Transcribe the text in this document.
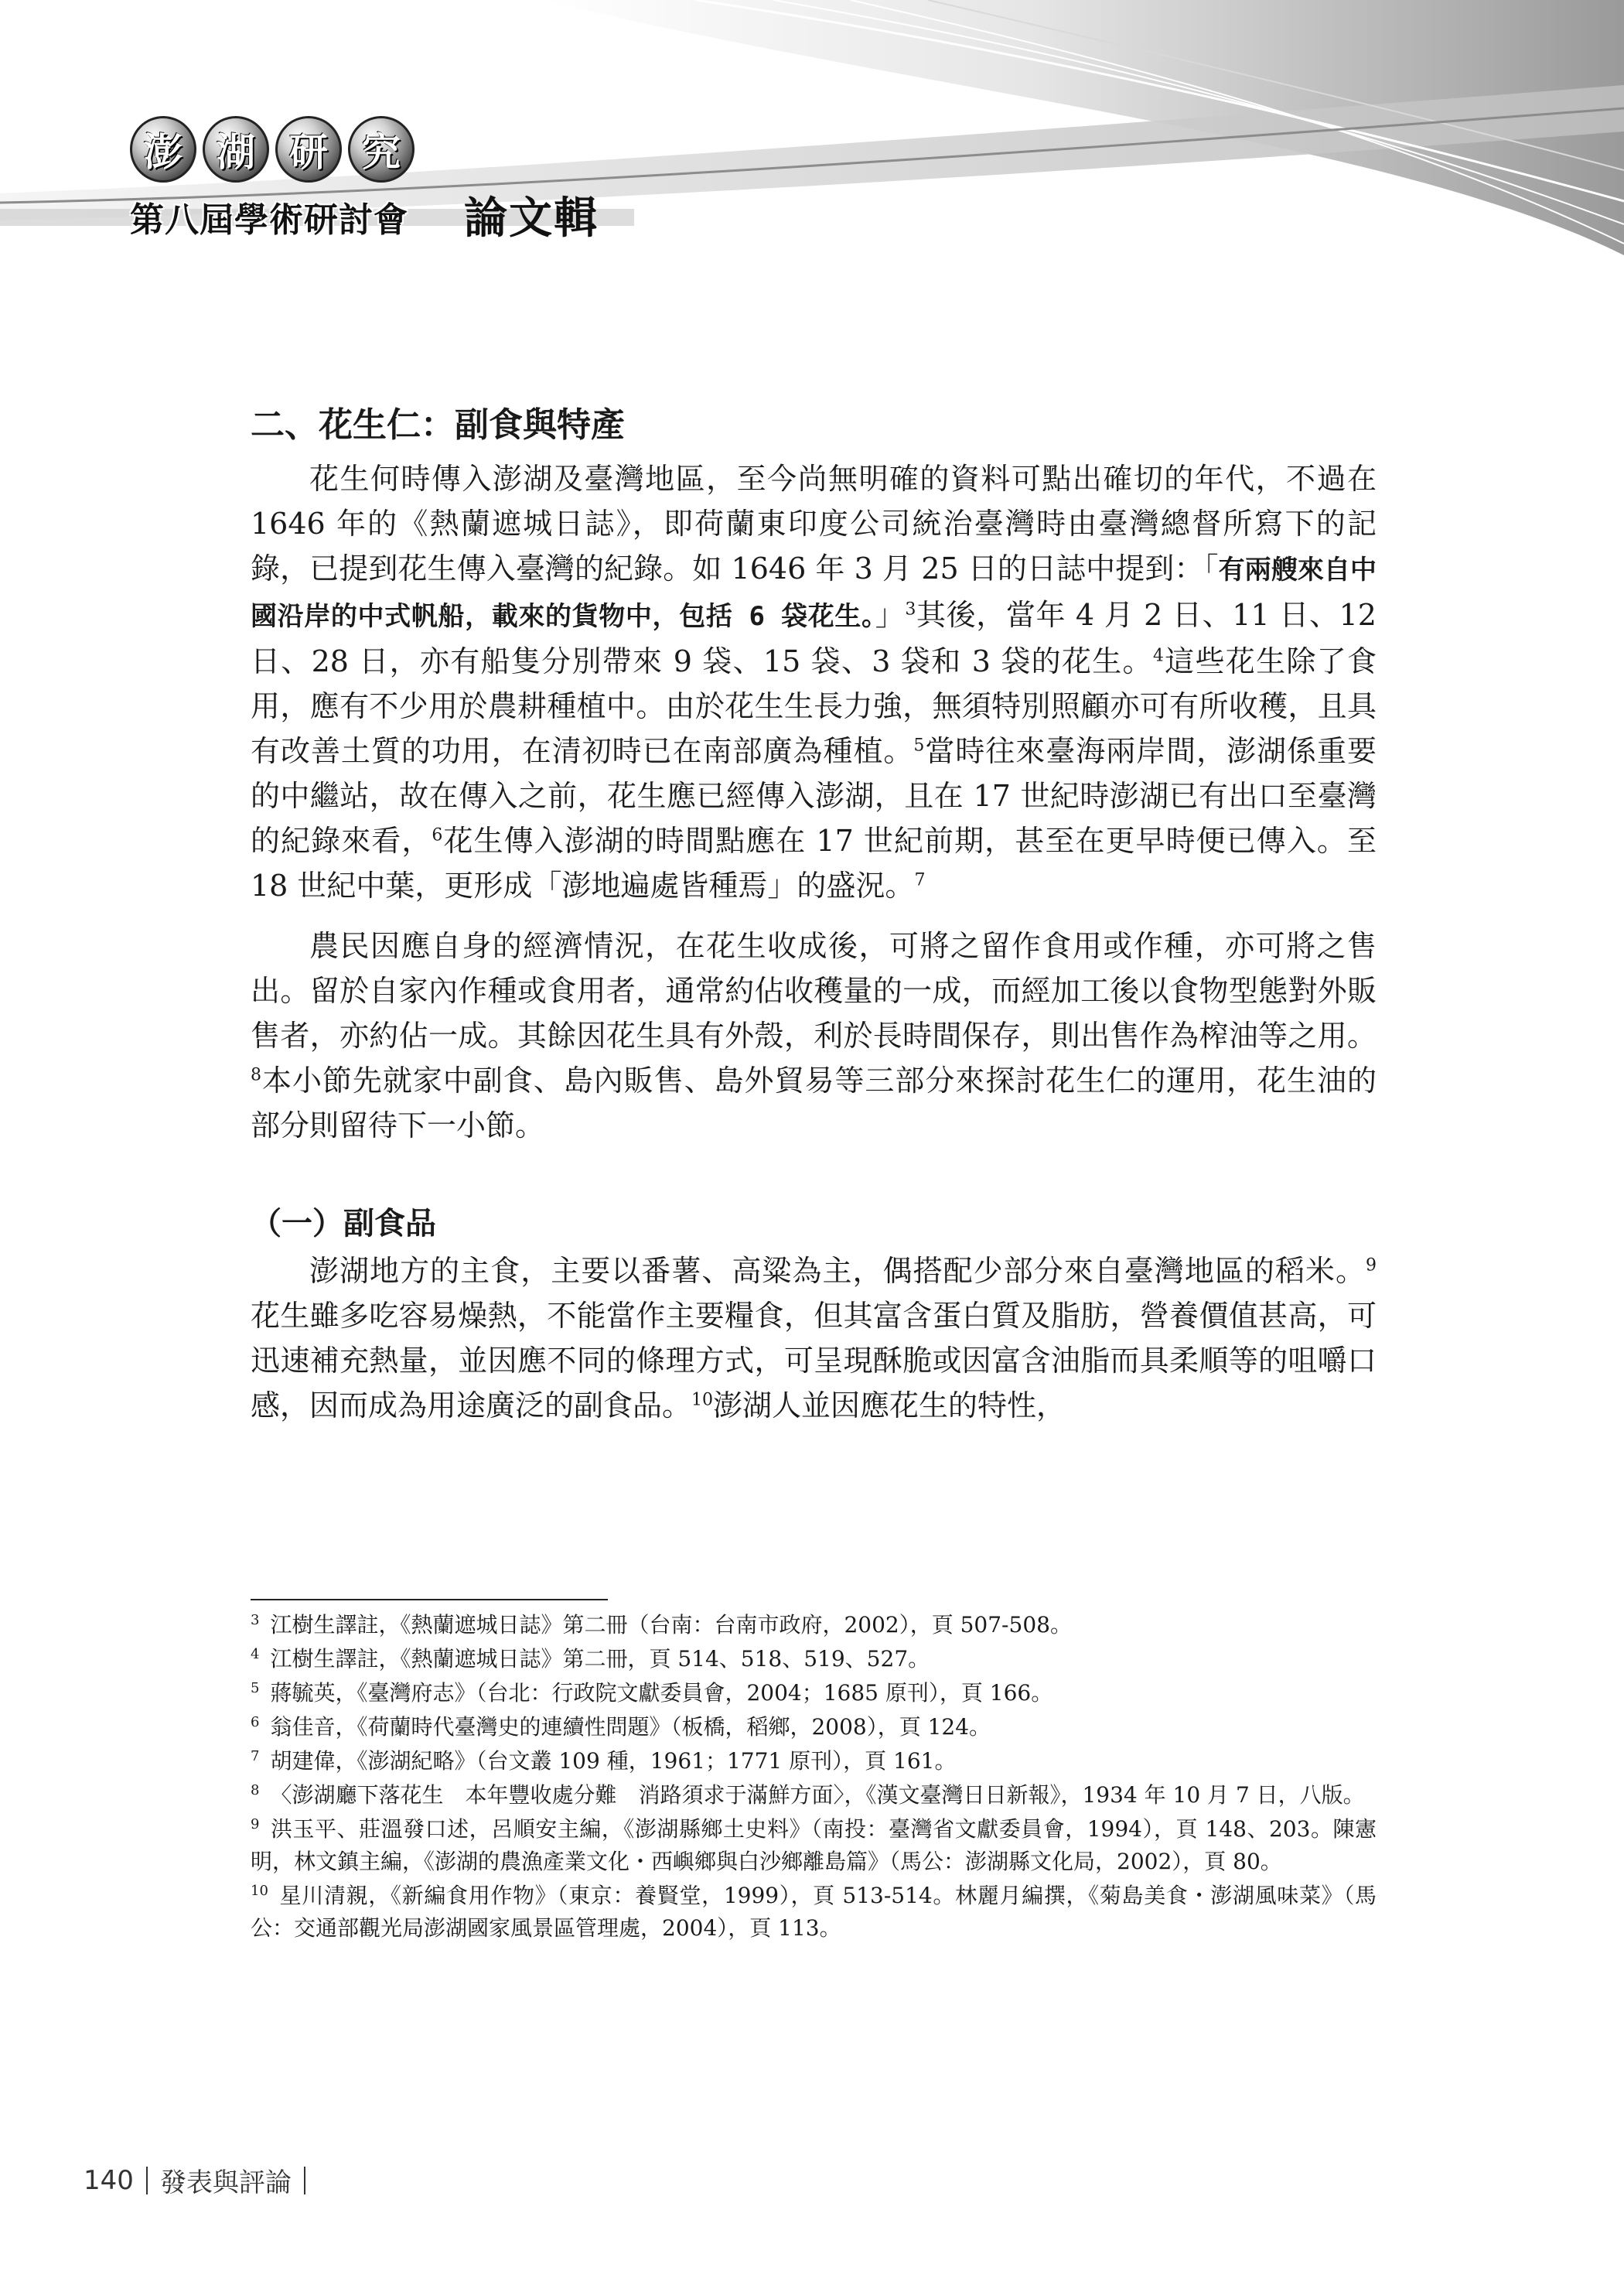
澎 湖 研 究
第八屆學術研討會 論文輯
二、花生仁：副食與特產

花生何時傳入澎湖及臺灣地區，至今尚無明確的資料可點出確切的年代，不過在 1646 年的《熱蘭遮城日誌》，即荷蘭東印度公司統治臺灣時由臺灣總督所寫下的記錄，已提到花生傳入臺灣的紀錄。如 1646 年 3 月 25 日的日誌中提到：「有兩艘來自中國沿岸的中式帆船，載來的貨物中，包括 6 袋花生。」$^3$其後，當年 4 月 2 日、11 日、12 日、28 日，亦有船隻分別帶來 9 袋、15 袋、3 袋和 3 袋的花生。$^4$這些花生除了食用，應有不少用於農耕種植中。由於花生生長力強，無須特別照顧亦可有所收穫，且具有改善土質的功用，在清初時已在南部廣為種植。$^5$當時往來臺海兩岸間，澎湖係重要的中繼站，故在傳入之前，花生應已經傳入澎湖，且在 17 世紀時澎湖已有出口至臺灣的紀錄來看，$^6$花生傳入澎湖的時間點應在 17 世紀前期，甚至在更早時便已傳入。至 18 世紀中葉，更形成「澎地遍處皆種焉」的盛況。$^7$

農民因應自身的經濟情況，在花生收成後，可將之留作食用或作種，亦可將之售出。留於自家內作種或食用者，通常約佔收穫量的一成，而經加工後以食物型態對外販售者，亦約佔一成。其餘因花生具有外殼，利於長時間保存，則出售作為榨油等之用。$^8$本小節先就家中副食、島內販售、島外貿易等三部分來探討花生仁的運用，花生油的部分則留待下一小節。

（一）副食品

澎湖地方的主食，主要以番薯、高粱為主，偶搭配少部分來自臺灣地區的稻米。$^9$花生雖多吃容易燥熱，不能當作主要糧食，但其富含蛋白質及脂肪，營養價值甚高，可迅速補充熱量，並因應不同的條理方式，可呈現酥脆或因富含油脂而具柔順等的咀嚼口感，因而成為用途廣泛的副食品。$^{10}$澎湖人並因應花生的特性，

$^3$ 江樹生譯註，《熱蘭遮城日誌》第二冊（台南：台南市政府，2002），頁 507-508。

$^4$ 江樹生譯註，《熱蘭遮城日誌》第二冊，頁 514、518、519、527。

$^5$ 蔣毓英，《臺灣府志》（台北：行政院文獻委員會，2004；1685 原刊），頁 166。

$^6$ 翁佳音，《荷蘭時代臺灣史的連續性問題》（板橋，稻鄉，2008），頁 124。

$^7$ 胡建偉，《澎湖紀略》（台文叢 109 種，1961；1771 原刊），頁 161。

$^8$ 〈澎湖廳下落花生　本年豐收處分難　消路須求于滿鮮方面〉，《漢文臺灣日日新報》，1934 年 10 月 7 日，八版。

$^9$ 洪玉平、莊溫發口述，呂順安主編，《澎湖縣鄉土史料》（南投：臺灣省文獻委員會，1994），頁 148、203。陳憲明，林文鎮主編，《澎湖的農漁產業文化・西嶼鄉與白沙鄉離島篇》（馬公：澎湖縣文化局，2002），頁 80。

$^{10}$ 星川清親，《新編食用作物》（東京：養賢堂，1999），頁 513-514。林麗月編撰，《菊島美食・澎湖風味菜》（馬公：交通部觀光局澎湖國家風景區管理處，2004），頁 113。

140 發表與評論
